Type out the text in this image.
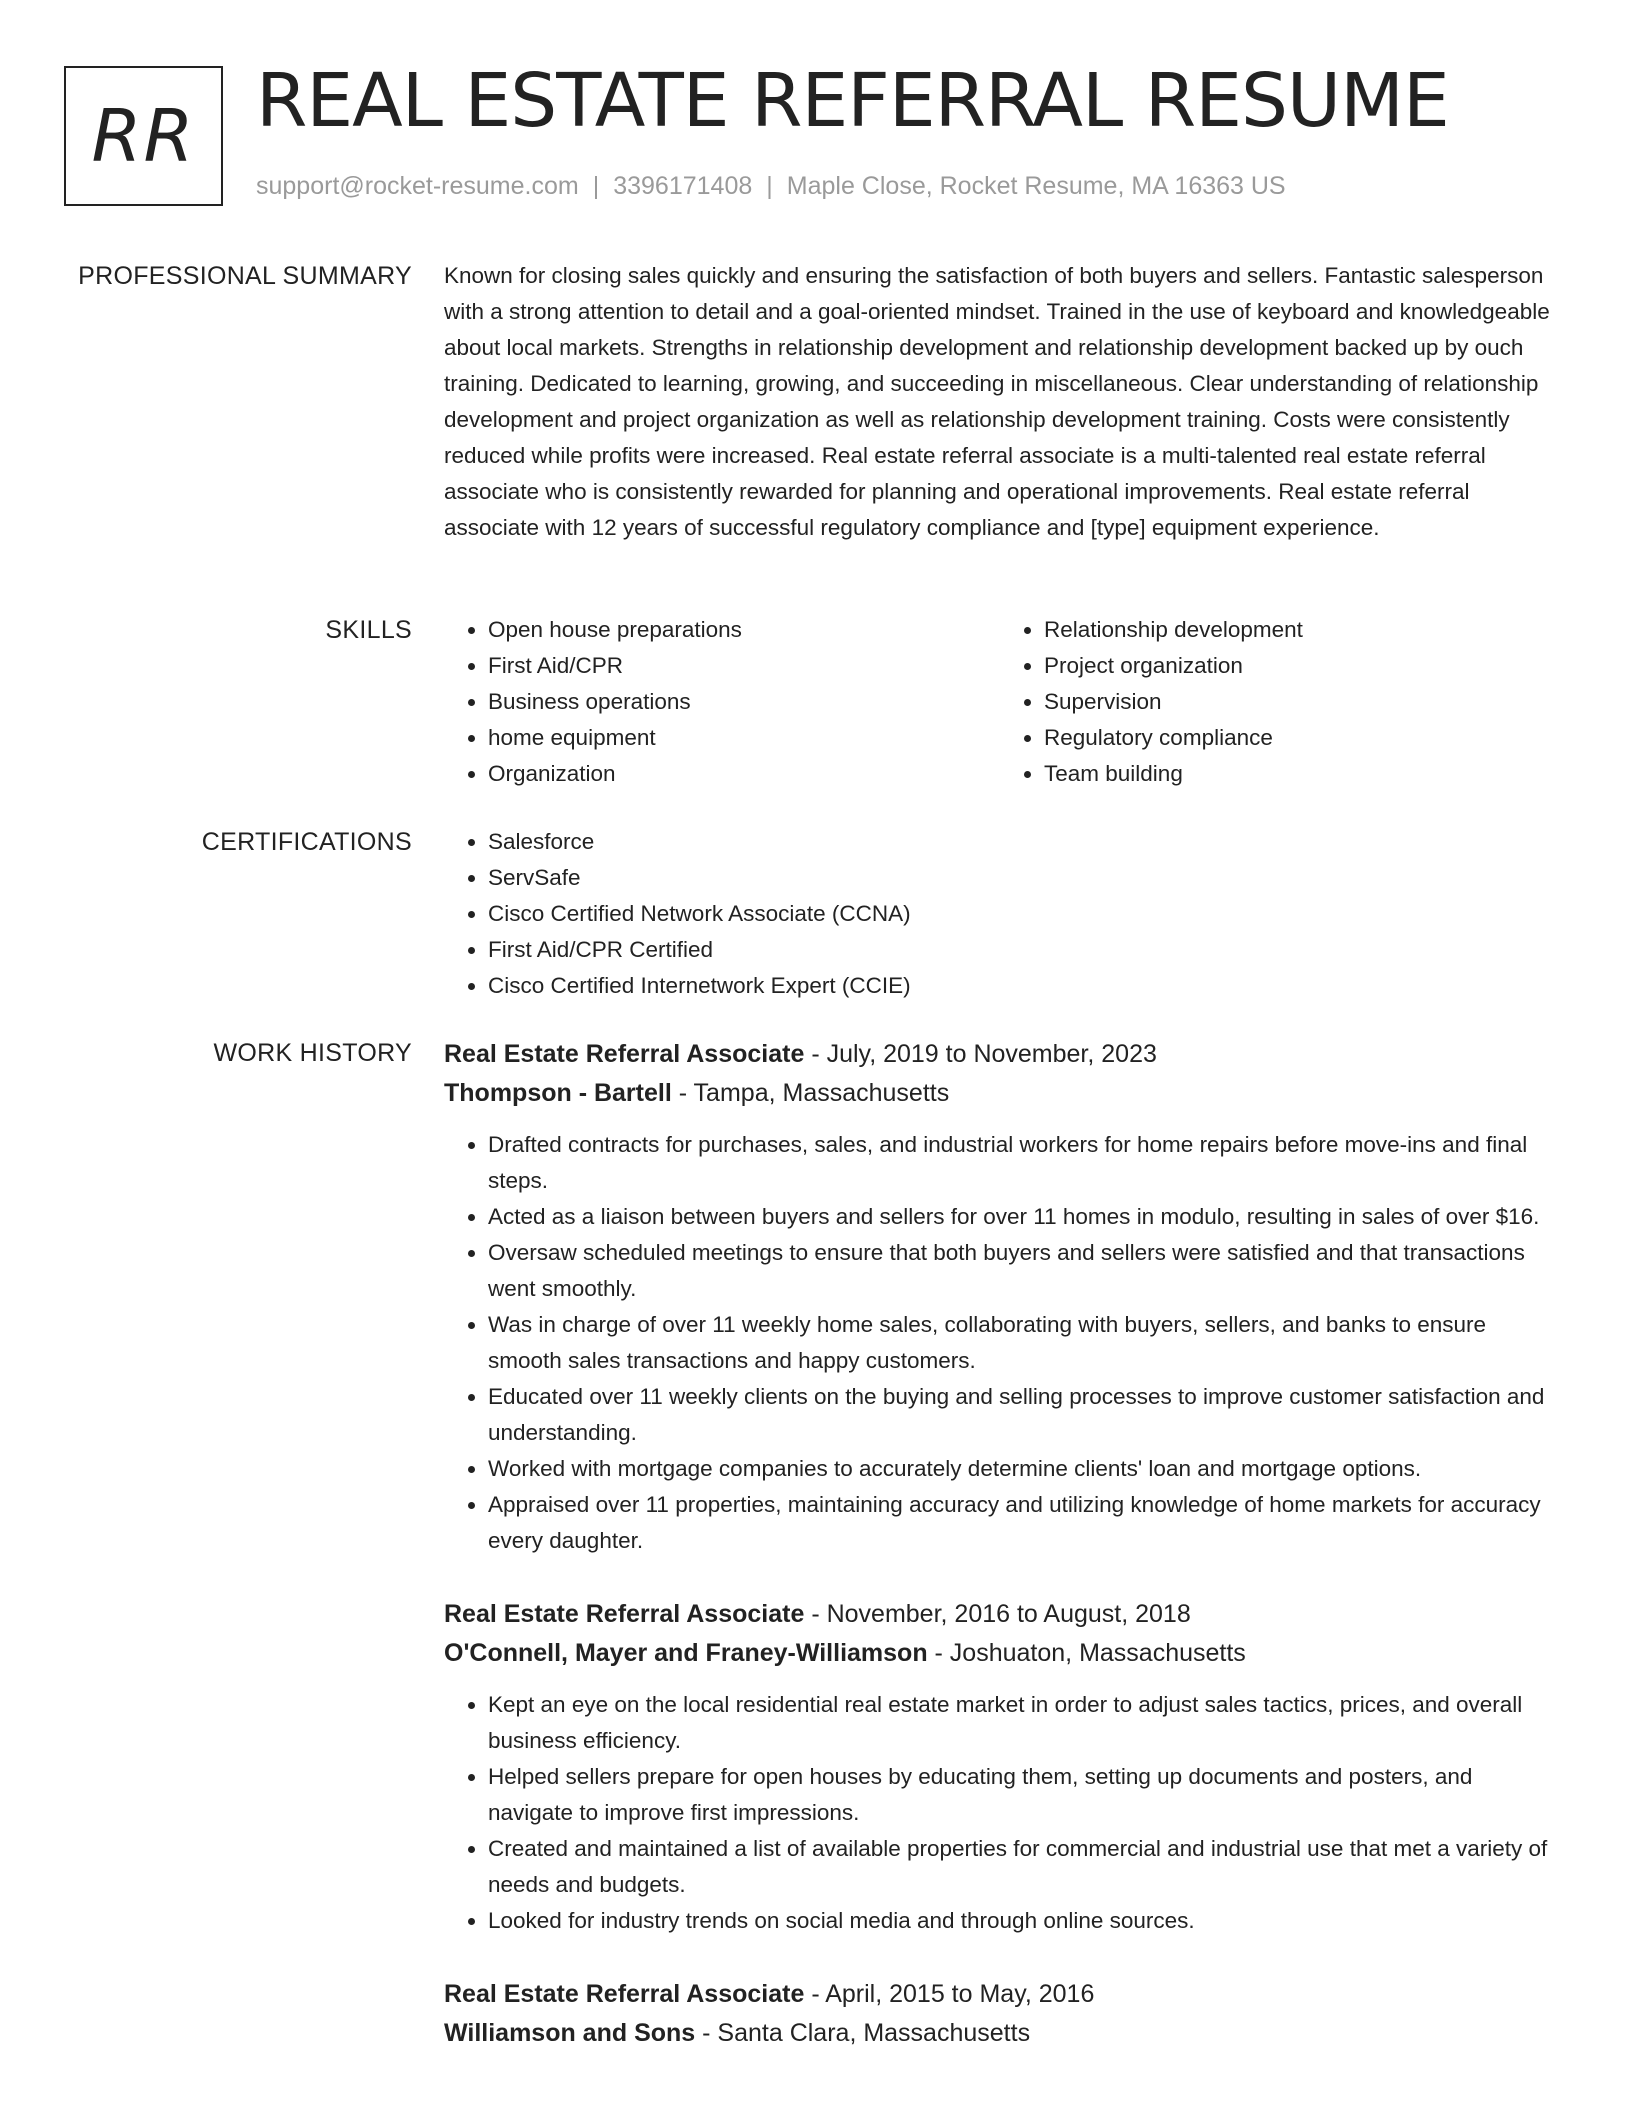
RR REAL ESTATE REFERRAL RESUME
support@rocket-resume.com | 3396171408 | Maple Close, Rocket Resume, MA 16363 US
PROFESSIONAL SUMMARY Known for closing sales quickly and ensuring the satisfaction of both buyers and sellers. Fantastic salesperson with a strong attention to detail and a goal-oriented mindset. Trained in the use of keyboard and knowledgeable about local markets. Strengths in relationship development and relationship development backed up by ouch training. Dedicated to learning, growing, and succeeding in miscellaneous. Clear understanding of relationship development and project organization as well as relationship development training. Costs were consistently reduced while profits were increased. Real estate referral associate is a multi-talented real estate referral associate who is consistently rewarded for planning and operational improvements. Real estate referral associate with 12 years of successful regulatory compliance and [type] equipment experience.

SKILLS	• Open house preparations
• First Aid/CPR
• Business operations
• home equipment
• Organization
• Relationship development
• Project organization
• Supervision
• Regulatory compliance
• Team building
CERTIFICATIONS	• Salesforce
• ServSafe
• Cisco Certified Network Associate (CCNA)
• First Aid/CPR Certified
• Cisco Certified Internetwork Expert (CCIE)
WORK HISTORY Real Estate Referral Associate - July, 2019 to November, 2023
Thompson - Bartell - Tampa, Massachusetts
• Drafted contracts for purchases, sales, and industrial workers for home repairs before move-ins and final steps.
• Acted as a liaison between buyers and sellers for over 11 homes in modulo, resulting in sales of over $16.
• Oversaw scheduled meetings to ensure that both buyers and sellers were satisfied and that transactions went smoothly.
• Was in charge of over 11 weekly home sales, collaborating with buyers, sellers, and banks to ensure smooth sales transactions and happy customers.
• Educated over 11 weekly clients on the buying and selling processes to improve customer satisfaction and understanding.
• Worked with mortgage companies to accurately determine clients' loan and mortgage options.
• Appraised over 11 properties, maintaining accuracy and utilizing knowledge of home markets for accuracy every daughter.
Real Estate Referral Associate - November, 2016 to August, 2018
O'Connell, Mayer and Franey-Williamson - Joshuaton, Massachusetts
• Kept an eye on the local residential real estate market in order to adjust sales tactics, prices, and overall business efficiency.
• Helped sellers prepare for open houses by educating them, setting up documents and posters, and navigate to improve first impressions.
• Created and maintained a list of available properties for commercial and industrial use that met a variety of needs and budgets.
• Looked for industry trends on social media and through online sources.
Real Estate Referral Associate - April, 2015 to May, 2016
Williamson and Sons - Santa Clara, Massachusetts
